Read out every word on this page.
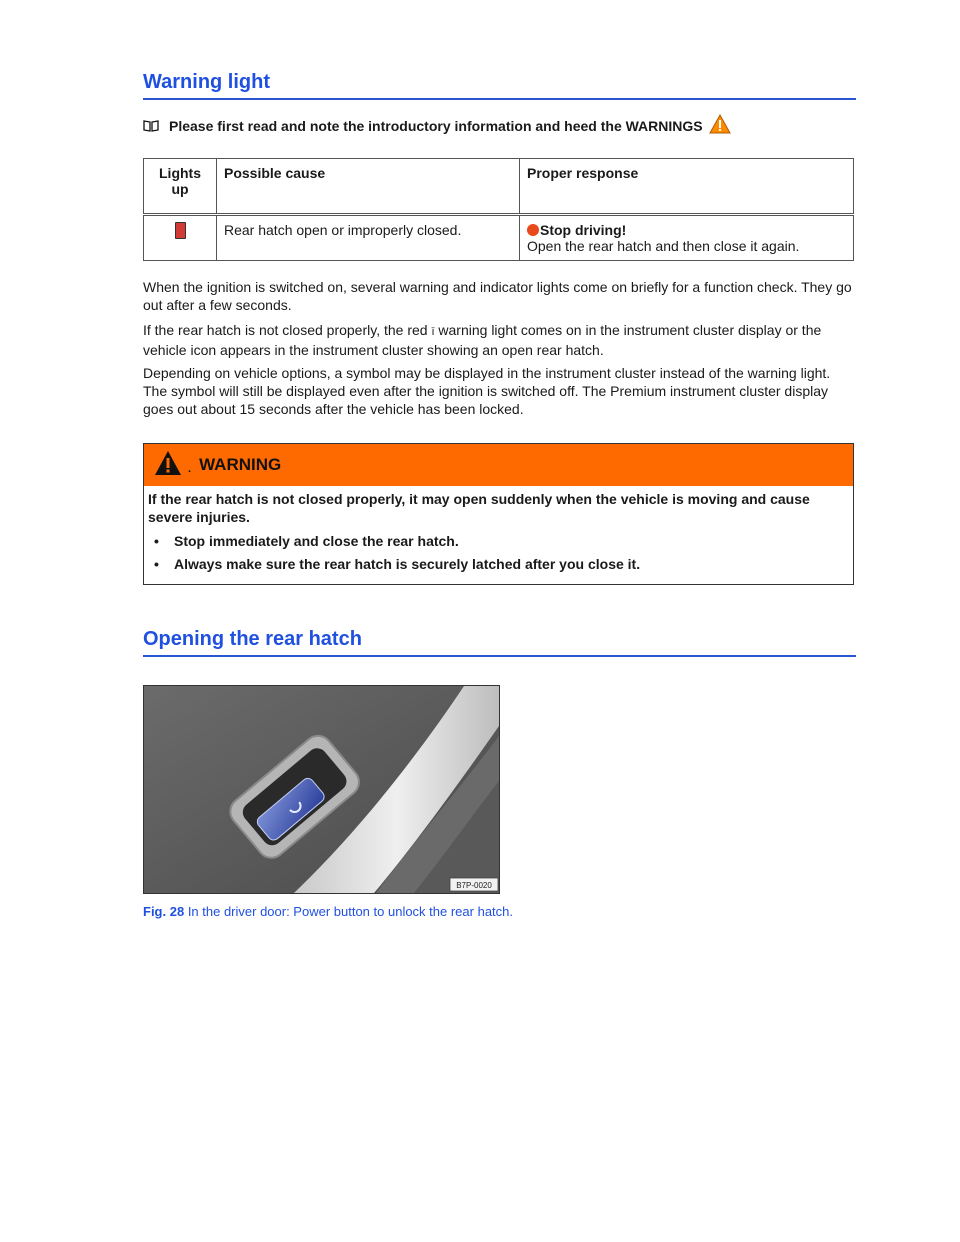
Warning light
Please first read and note the introductory information and heed the WARNINGS
Lights up	Possible cause	Proper response
	Rear hatch open or improperly closed.	Stop driving!
Open the rear hatch and then close it again.

When the ignition is switched on, several warning and indicator lights come on briefly for a function check. They go out after a few seconds.

If the rear hatch is not closed properly, the red ī warning light comes on in the instrument cluster display or the vehicle icon appears in the instrument cluster showing an open rear hatch.

Depending on vehicle options, a symbol may be displayed in the instrument cluster instead of the warning light. The symbol will still be displayed even after the ignition is switched off. The Premium instrument cluster display goes out about 15 seconds after the vehicle has been locked.

. WARNING

If the rear hatch is not closed properly, it may open suddenly when the vehicle is moving and cause severe injuries.

• Stop immediately and close the rear hatch.
• Always make sure the rear hatch is securely latched after you close it.
Opening the rear hatch
B7P-0020
Fig. 28 In the driver door: Power button to unlock the rear hatch.
